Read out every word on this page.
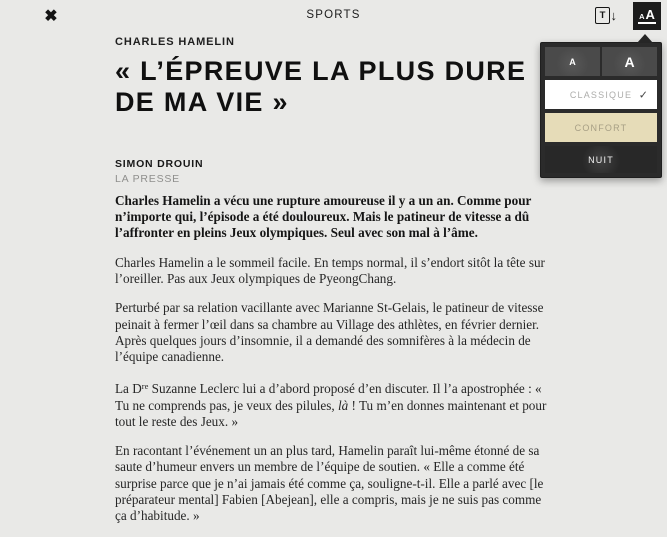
✖	SPORTS	T ↓	A A
CHARLES HAMELIN
« L’ÉPREUVE LA PLUS DURE
DE MA VIE »
SIMON DROUIN
LA PRESSE

Charles Hamelin a vécu une rupture amoureuse il y a un an. Comme pour n’importe qui, l’épisode a été douloureux. Mais le patineur de vitesse a dû l’affronter en pleins Jeux olympiques. Seul avec son mal à l’âme.

Charles Hamelin a le sommeil facile. En temps normal, il s’endort sitôt la tête sur l’oreiller. Pas aux Jeux olympiques de PyeongChang.

Perturbé par sa relation vacillante avec Marianne St-Gelais, le patineur de vitesse peinait à fermer l’œil dans sa chambre au Village des athlètes, en février dernier. Après quelques jours d’insomnie, il a demandé des somnifères à la médecin de l’équipe canadienne.

La Dre Suzanne Leclerc lui a d’abord proposé d’en discuter. Il l’a apostrophée : « Tu ne comprends pas, je veux des pilules, là ! Tu m’en donnes maintenant et pour tout le reste des Jeux. »

En racontant l’événement un an plus tard, Hamelin paraît lui-même étonné de sa saute d’humeur envers un membre de l’équipe de soutien. « Elle a comme été surprise parce que je n’ai jamais été comme ça, souligne-t-il. Elle a parlé avec [le préparateur mental] Fabien [Abejean], elle a compris, mais je ne suis pas comme ça d’habitude. »

A	A
CLASSIQUE ✓
CONFORT
NUIT
